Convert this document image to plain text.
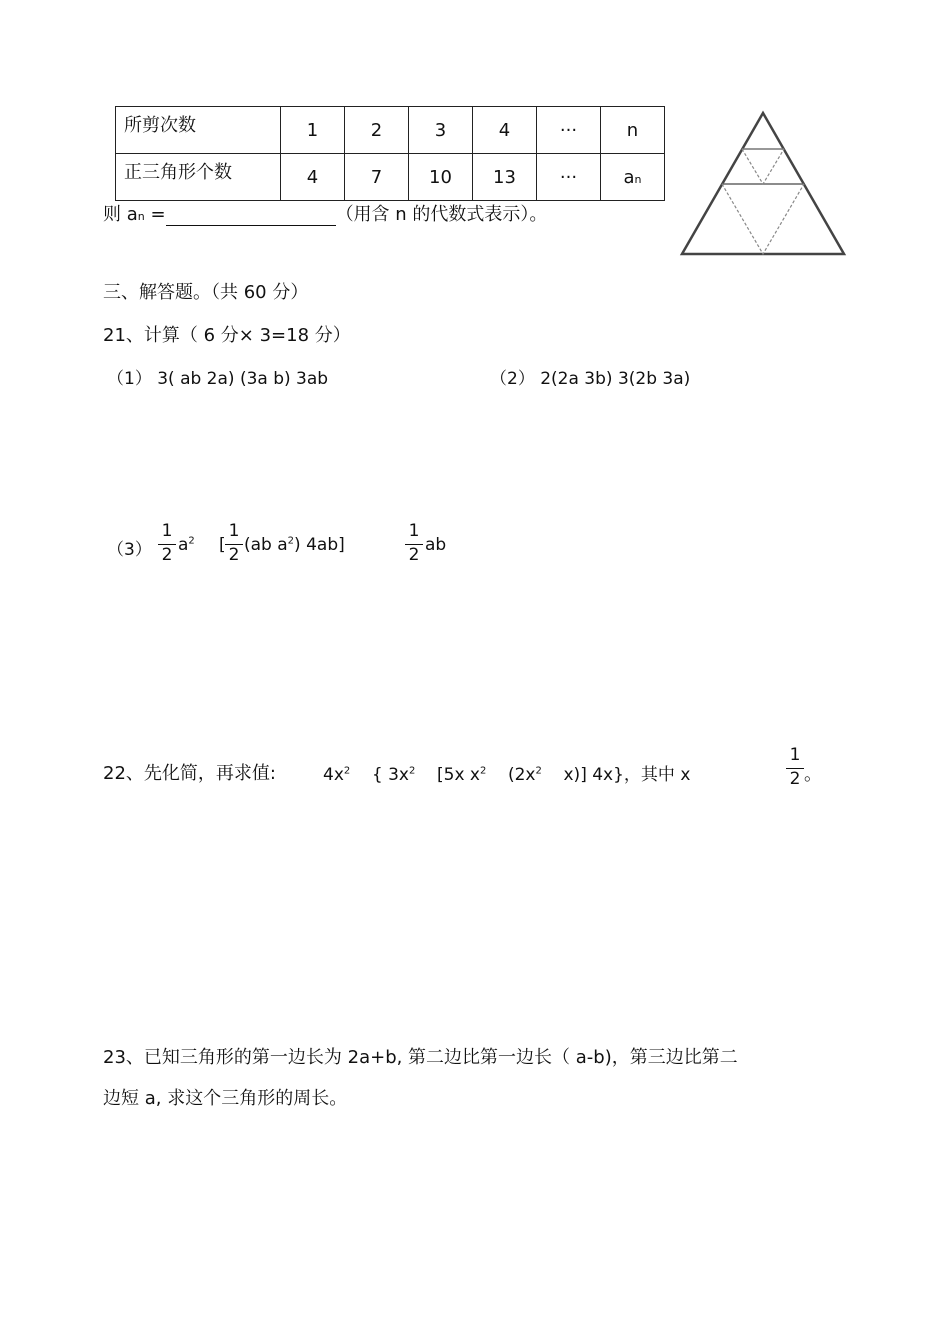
所剪次数	1	2	3	4	···	n
正三角形个数	4	7	10	13	···	an
则 an =	（用含 n 的代数式表示）。
三、解答题。（共 60 分）
21、计算（ 6 分× 3=18 分）
（1） 3( ab 2a) (3a b) 3ab	（2） 2(2a 3b) 3(2b 3a)
（3）
1
2 $a^2$ [
1
2 (ab $a^2$) 4ab]
1
2 ab
22、先化简，再求值:	$4x^2$ { $3x^2$ [5x $x^2$ ($2x^2$ x)] 4x}，其中 x
1
2 。
23、已知三角形的第一边长为 2a+b, 第二边比第一边长（ a-b)，第三边比第二
边短 a, 求这个三角形的周长。
